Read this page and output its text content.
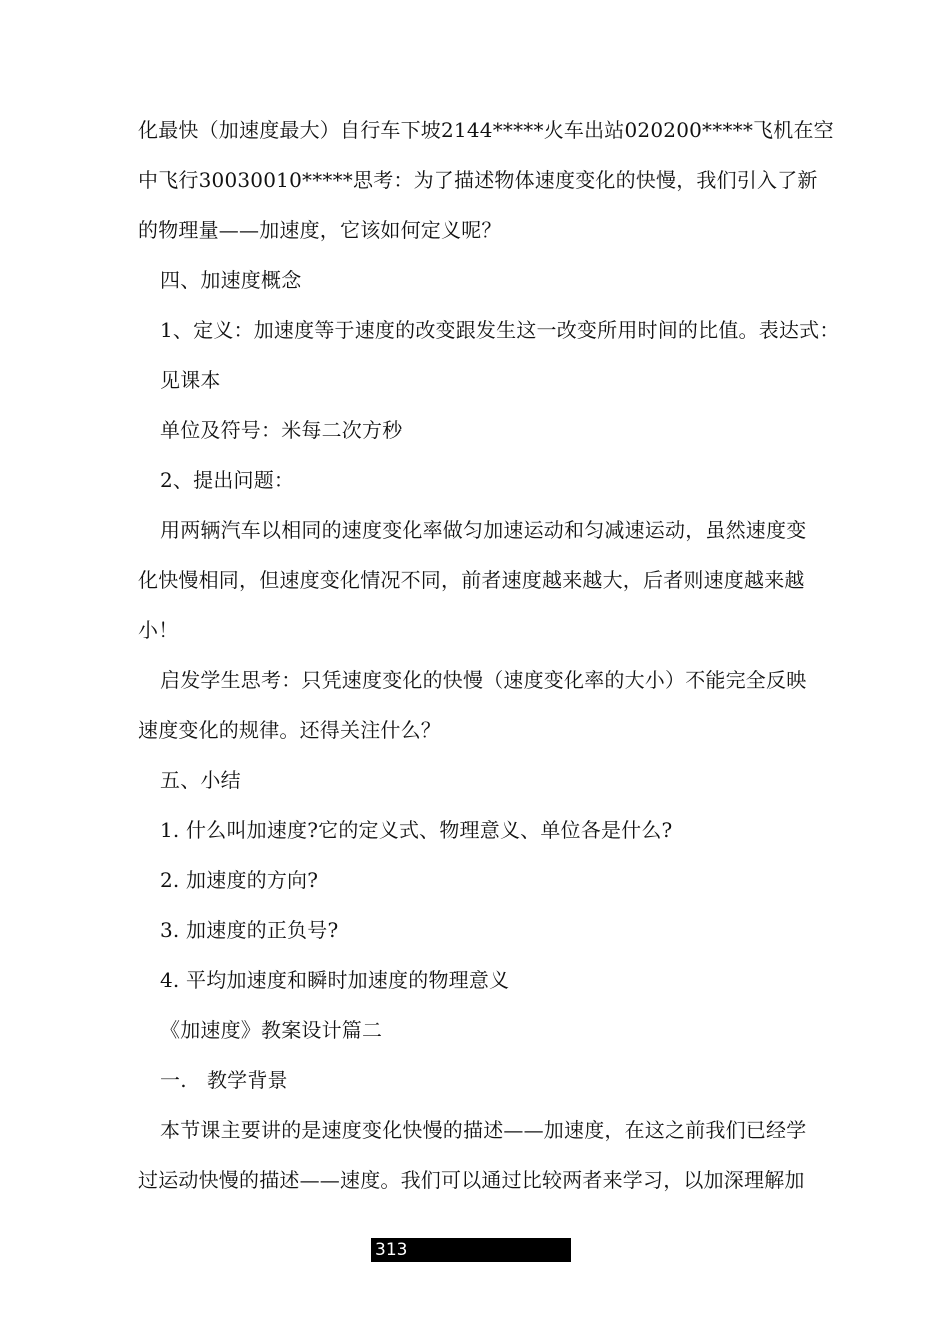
化最快（加速度最大）自行车下坡2144*****火车出站020200*****飞机在空
中飞行30030010*****思考：为了描述物体速度变化的快慢，我们引入了新
的物理量——加速度，它该如何定义呢？
四、加速度概念
1、定义：加速度等于速度的改变跟发生这一改变所用时间的比值。表达式：
见课本
单位及符号：米每二次方秒
2、提出问题：
用两辆汽车以相同的速度变化率做匀加速运动和匀减速运动，虽然速度变
化快慢相同，但速度变化情况不同，前者速度越来越大，后者则速度越来越
小！
启发学生思考：只凭速度变化的快慢（速度变化率的大小）不能完全反映
速度变化的规律。还得关注什么？
五、小结
1. 什么叫加速度?它的定义式、物理意义、单位各是什么?
2. 加速度的方向?
3. 加速度的正负号?
4. 平均加速度和瞬时加速度的物理意义
《加速度》教案设计篇二
一.　教学背景
本节课主要讲的是速度变化快慢的描述——加速度，在这之前我们已经学
过运动快慢的描述——速度。我们可以通过比较两者来学习，以加深理解加
313
